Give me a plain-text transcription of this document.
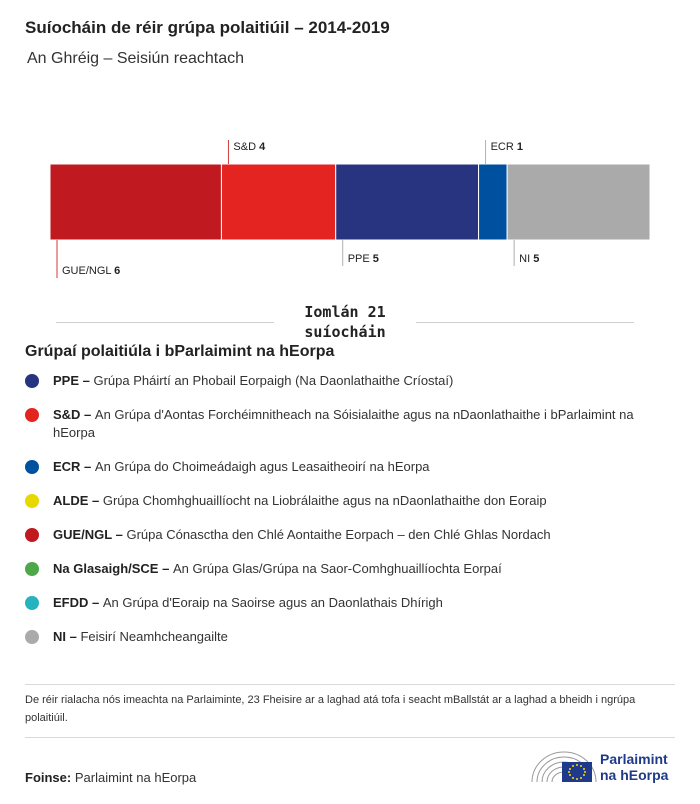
Suíocháin de réir grúpa polaitiúil – 2014-2019
An Ghréig – Seisiún reachtach
GUE/NGL 6
S&D 4
PPE 5
ECR 1
NI 5
Iomlán 21 suíocháin
Grúpaí polaitiúla i bParlaimint na hEorpa
PPE – Grúpa Pháirtí an Phobail Eorpaigh (Na Daonlathaithe Críostaí)
S&D – An Grúpa d'Aontas Forchéimnitheach na Sóisialaithe agus na nDaonlathaithe i bParlaimint na hEorpa
ECR – An Grúpa do Choimeádaigh agus Leasaitheoirí na hEorpa
ALDE – Grúpa Chomhghuaillíocht na Liobrálaithe agus na nDaonlathaithe don Eoraip
GUE/NGL – Grúpa Cónasctha den Chlé Aontaithe Eorpach – den Chlé Ghlas Nordach
Na Glasaigh/SCE – An Grúpa Glas/Grúpa na Saor-Comhghuaillíochta Eorpaí
EFDD – An Grúpa d'Eoraip na Saoirse agus an Daonlathais Dhírigh
NI – Feisirí Neamhcheangailte
De réir rialacha nós imeachta na Parlaiminte, 23 Fheisire ar a laghad atá tofa i seacht mBallstát ar a laghad a bheidh i ngrúpa polaitiúil.
Foinse: Parlaimint na hEorpa
Parlaimint
na hEorpa
